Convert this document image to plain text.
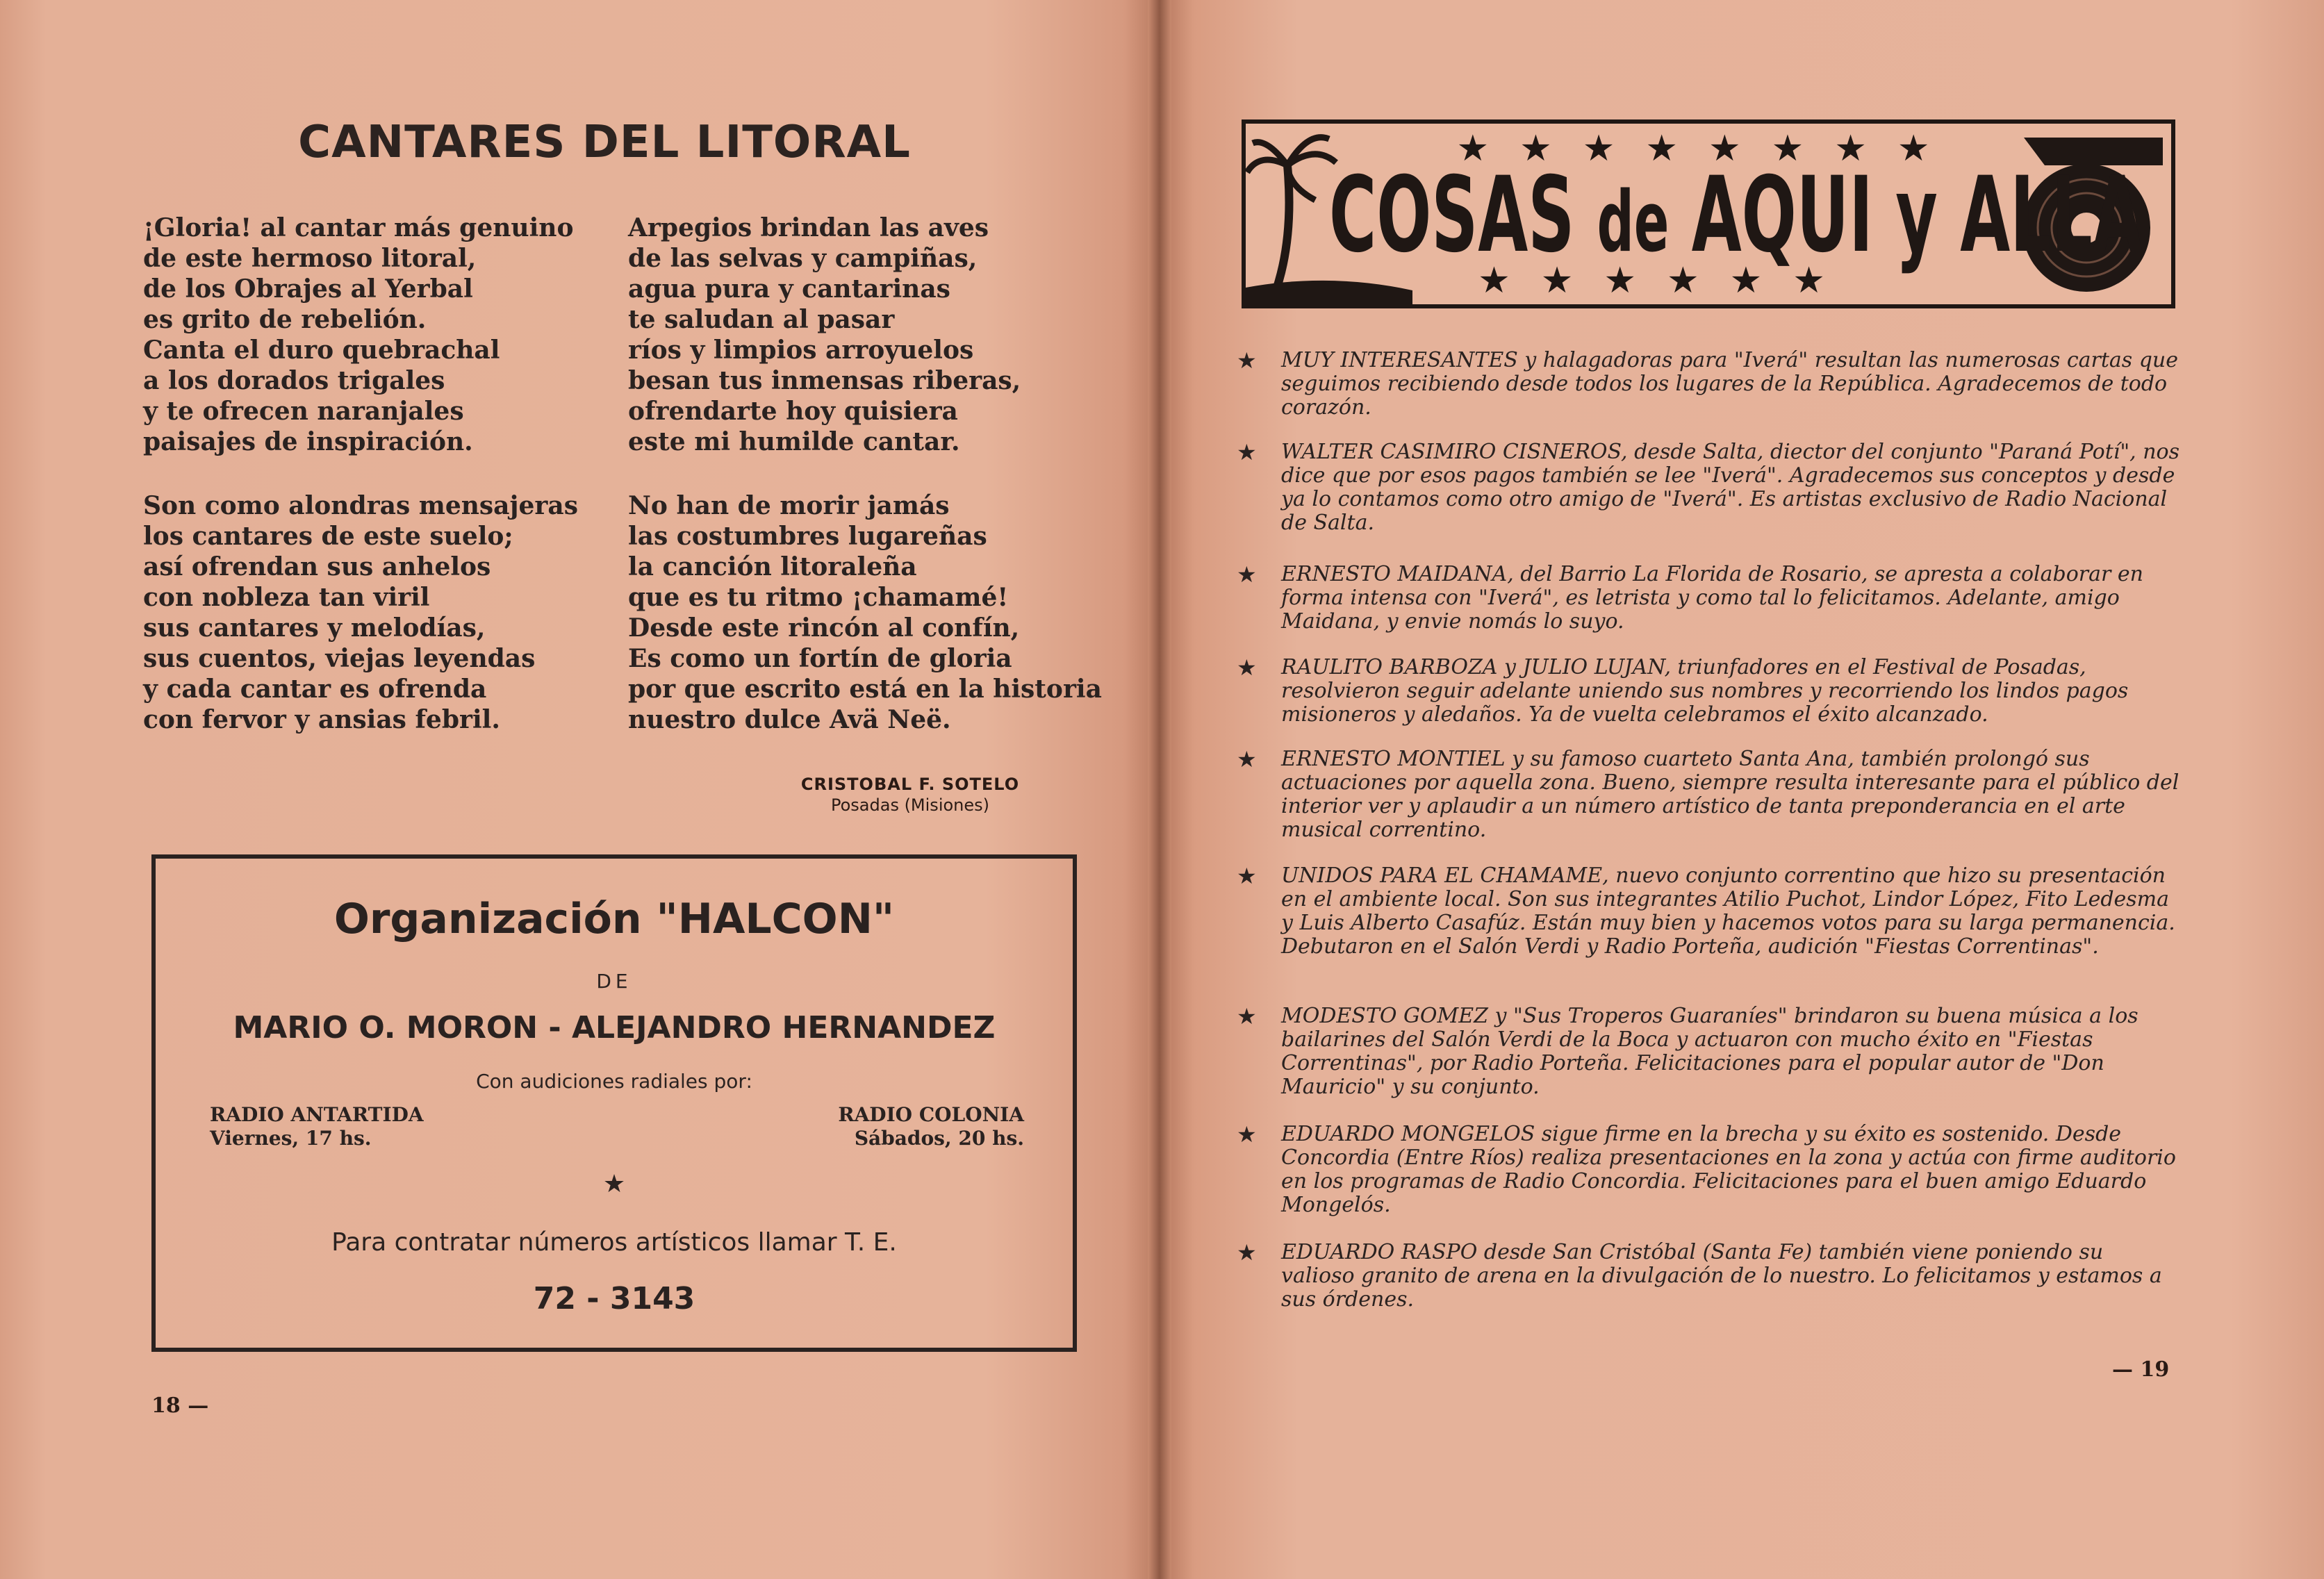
CANTARES DEL LITORAL
¡Gloria! al cantar más genuino
de este hermoso litoral,
de los Obrajes al Yerbal
es grito de rebelión.
Canta el duro quebrachal
a los dorados trigales
y te ofrecen naranjales
paisajes de inspiración.
Arpegios brindan las aves
de las selvas y campiñas,
agua pura y cantarinas
te saludan al pasar
ríos y limpios arroyuelos
besan tus inmensas riberas,
ofrendarte hoy quisiera
este mi humilde cantar.
Son como alondras mensajeras
los cantares de este suelo;
así ofrendan sus anhelos
con nobleza tan viril
sus cantares y melodías,
sus cuentos, viejas leyendas
y cada cantar es ofrenda
con fervor y ansias febril.
No han de morir jamás
las costumbres lugareñas
la canción litoraleña
que es tu ritmo ¡chamamé!
Desde este rincón al confín,
Es como un fortín de gloria
por que escrito está en la historia
nuestro dulce Avä Neë.
CRISTOBAL F. SOTELO
Posadas (Misiones)
Organización "HALCON"
DE
MARIO O. MORON - ALEJANDRO HERNANDEZ
Con audiciones radiales por:
RADIO ANTARTIDA
Viernes, 17 hs.
RADIO COLONIA
Sábados, 20 hs.
★
Para contratar números artísticos llamar T. E.
72 - 3143
18 —
★★★★★★★★
★★★★★★
COSAS de AQUI y ALLA
★ MUY INTERESANTES y halagadoras para "Iverá" resultan las numerosas cartas que seguimos recibiendo desde todos los lugares de la República. Agradecemos de todo corazón.
★ WALTER CASIMIRO CISNEROS, desde Salta, diector del conjunto "Paraná Potí", nos dice que por esos pagos también se lee "Iverá". Agradecemos sus conceptos y desde ya lo contamos como otro amigo de "Iverá". Es artistas exclusivo de Radio Nacional de Salta.
★ ERNESTO MAIDANA, del Barrio La Florida de Rosario, se apresta a colaborar en forma intensa con "Iverá", es letrista y como tal lo felicitamos. Adelante, amigo Maidana, y envie nomás lo suyo.
★ RAULITO BARBOZA y JULIO LUJAN, triunfadores en el Festival de Posadas, resolvieron seguir adelante uniendo sus nombres y recorriendo los lindos pagos misioneros y aledaños. Ya de vuelta celebramos el éxito alcanzado.
★ ERNESTO MONTIEL y su famoso cuarteto Santa Ana, también prolongó sus actuaciones por aquella zona. Bueno, siempre resulta interesante para el público del interior ver y aplaudir a un número artístico de tanta preponderancia en el arte musical correntino.
★ UNIDOS PARA EL CHAMAME, nuevo conjunto correntino que hizo su presentación en el ambiente local. Son sus integrantes Atilio Puchot, Lindor López, Fito Ledesma y Luis Alberto Casafúz. Están muy bien y hacemos votos para su larga permanencia. Debutaron en el Salón Verdi y Radio Porteña, audición "Fiestas Correntinas".
★ MODESTO GOMEZ y "Sus Troperos Guaraníes" brindaron su buena música a los bailarines del Salón Verdi de la Boca y actuaron con mucho éxito en "Fiestas Correntinas", por Radio Porteña. Felicitaciones para el popular autor de "Don Mauricio" y su conjunto.
★ EDUARDO MONGELOS sigue firme en la brecha y su éxito es sostenido. Desde Concordia (Entre Ríos) realiza presentaciones en la zona y actúa con firme auditorio en los programas de Radio Concordia. Felicitaciones para el buen amigo Eduardo Mongelós.
★ EDUARDO RASPO desde San Cristóbal (Santa Fe) también viene poniendo su valioso granito de arena en la divulgación de lo nuestro. Lo felicitamos y estamos a sus órdenes.
— 19
